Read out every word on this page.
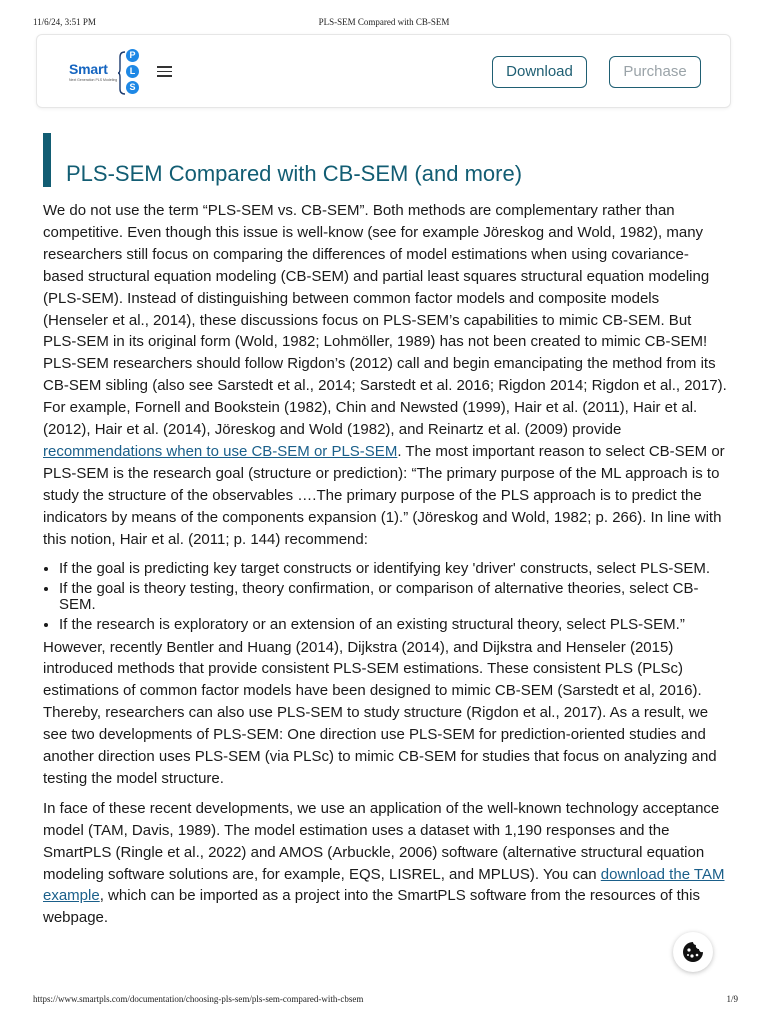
11/6/24, 3:51 PM	PLS-SEM Compared with CB-SEM
Smart
Next Generation PLS Modeling
P
L
S
Download	Purchase
PLS-SEM Compared with CB-SEM (and more)

We do not use the term “PLS-SEM vs. CB-SEM”. Both methods are complementary rather than competitive. Even though this issue is well-know (see for example Jöreskog and Wold, 1982), many researchers still focus on comparing the differences of model estimations when using covariance-based structural equation modeling (CB-SEM) and partial least squares structural equation modeling (PLS-SEM). Instead of distinguishing between common factor models and composite models (Henseler et al., 2014), these discussions focus on PLS-SEM’s capabilities to mimic CB-SEM. But PLS-SEM in its original form (Wold, 1982; Lohmöller, 1989) has not been created to mimic CB-SEM! PLS-SEM researchers should follow Rigdon’s (2012) call and begin emancipating the method from its CB-SEM sibling (also see Sarstedt et al., 2014; Sarstedt et al. 2016; Rigdon 2014; Rigdon et al., 2017). For example, Fornell and Bookstein (1982), Chin and Newsted (1999), Hair et al. (2011), Hair et al. (2012), Hair et al. (2014), Jöreskog and Wold (1982), and Reinartz et al. (2009) provide recommendations when to use CB-SEM or PLS-SEM. The most important reason to select CB-SEM or PLS-SEM is the research goal (structure or prediction): “The primary purpose of the ML approach is to study the structure of the observables ….The primary purpose of the PLS approach is to predict the indicators by means of the components expansion (1).” (Jöreskog and Wold, 1982; p. 266). In line with this notion, Hair et al. (2011; p. 144) recommend:

• If the goal is predicting key target constructs or identifying key 'driver' constructs, select PLS-SEM.
• If the goal is theory testing, theory confirmation, or comparison of alternative theories, select CB-SEM.
• If the research is exploratory or an extension of an existing structural theory, select PLS-SEM.”

However, recently Bentler and Huang (2014), Dijkstra (2014), and Dijkstra and Henseler (2015) introduced methods that provide consistent PLS-SEM estimations. These consistent PLS (PLSc) estimations of common factor models have been designed to mimic CB-SEM (Sarstedt et al, 2016). Thereby, researchers can also use PLS-SEM to study structure (Rigdon et al., 2017). As a result, we see two developments of PLS-SEM: One direction use PLS-SEM for prediction-oriented studies and another direction uses PLS-SEM (via PLSc) to mimic CB-SEM for studies that focus on analyzing and testing the model structure.

In face of these recent developments, we use an application of the well-known technology acceptance model (TAM, Davis, 1989). The model estimation uses a dataset with 1,190 responses and the SmartPLS (Ringle et al., 2022) and AMOS (Arbuckle, 2006) software (alternative structural equation modeling software solutions are, for example, EQS, LISREL, and MPLUS). You can download the TAM example, which can be imported as a project into the SmartPLS software from the resources of this webpage.

https://www.smartpls.com/documentation/choosing-pls-sem/pls-sem-compared-with-cbsem	1/9
